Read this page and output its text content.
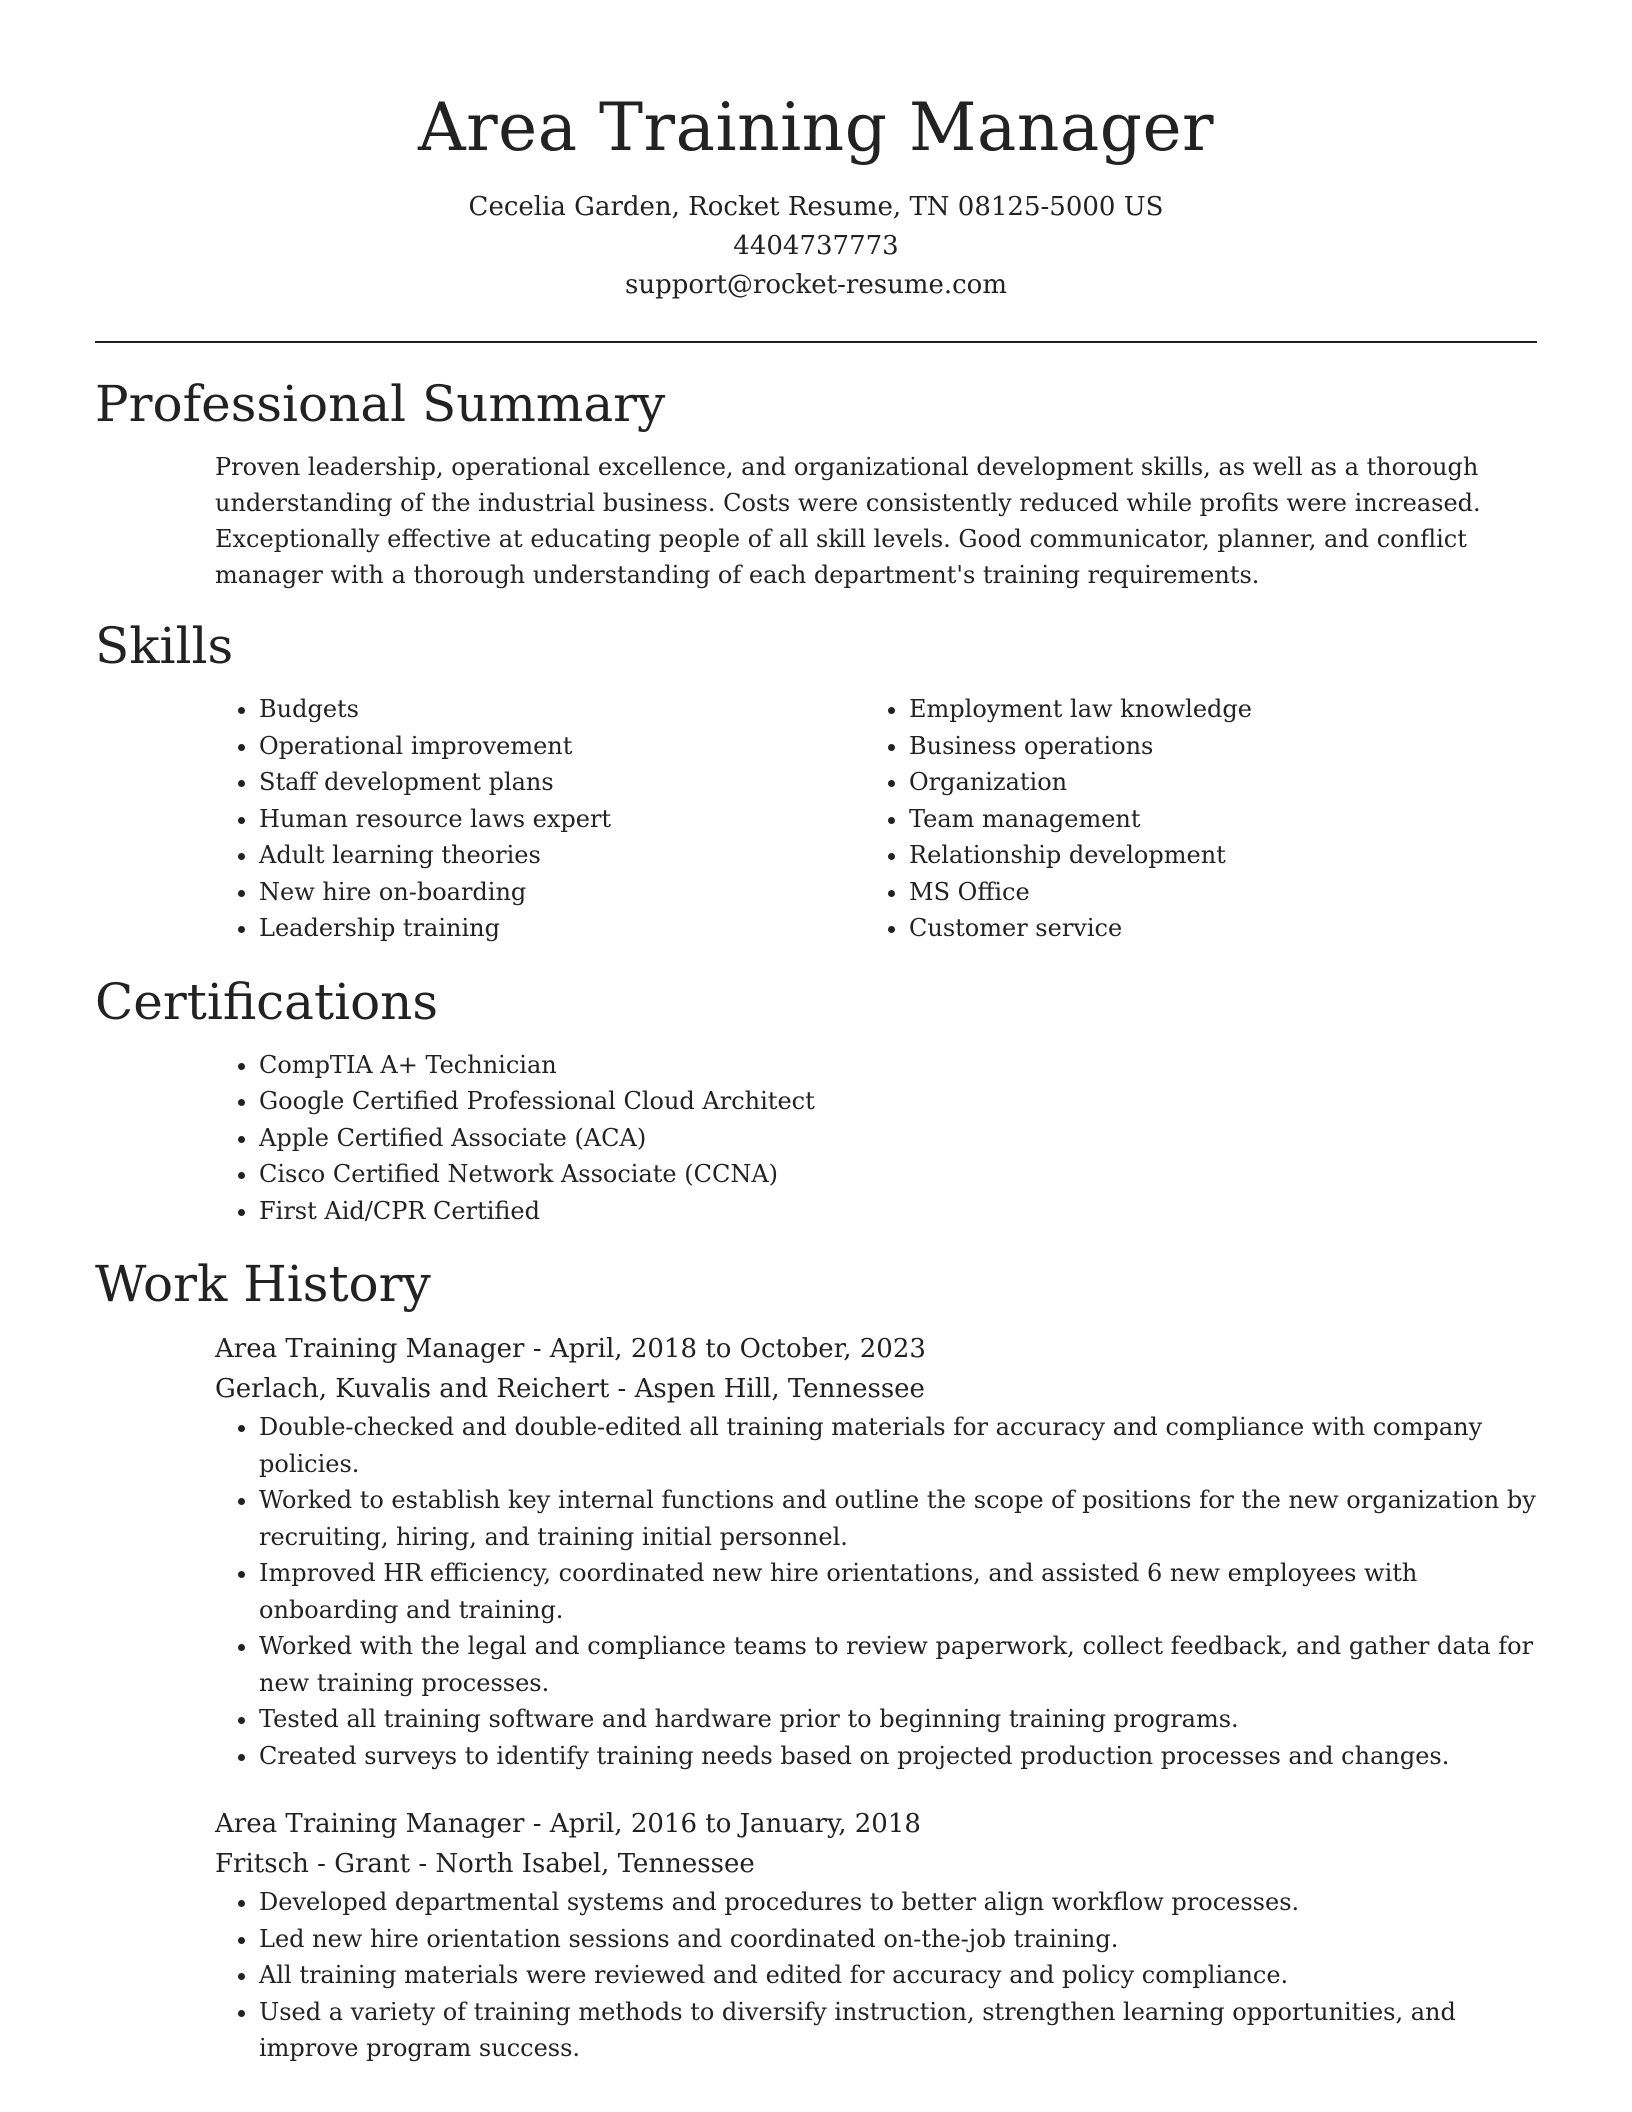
Area Training Manager
Cecelia Garden, Rocket Resume, TN 08125-5000 US
4404737773
support@rocket-resume.com
Professional Summary

Proven leadership, operational excellence, and organizational development skills, as well as a thorough understanding of the industrial business. Costs were consistently reduced while profits were increased. Exceptionally effective at educating people of all skill levels. Good communicator, planner, and conflict manager with a thorough understanding of each department's training requirements.

Skills
• Budgets
• Operational improvement
• Staff development plans
• Human resource laws expert
• Adult learning theories
• New hire on-boarding
• Leadership training
• Employment law knowledge
• Business operations
• Organization
• Team management
• Relationship development
• MS Office
• Customer service
Certifications
• CompTIA A+ Technician
• Google Certified Professional Cloud Architect
• Apple Certified Associate (ACA)
• Cisco Certified Network Associate (CCNA)
• First Aid/CPR Certified
Work History
Area Training Manager - April, 2018 to October, 2023
Gerlach, Kuvalis and Reichert - Aspen Hill, Tennessee
• Double-checked and double-edited all training materials for accuracy and compliance with company policies.
• Worked to establish key internal functions and outline the scope of positions for the new organization by recruiting, hiring, and training initial personnel.
• Improved HR efficiency, coordinated new hire orientations, and assisted 6 new employees with onboarding and training.
• Worked with the legal and compliance teams to review paperwork, collect feedback, and gather data for new training processes.
• Tested all training software and hardware prior to beginning training programs.
• Created surveys to identify training needs based on projected production processes and changes.
Area Training Manager - April, 2016 to January, 2018
Fritsch - Grant - North Isabel, Tennessee
• Developed departmental systems and procedures to better align workflow processes.
• Led new hire orientation sessions and coordinated on-the-job training.
• All training materials were reviewed and edited for accuracy and policy compliance.
• Used a variety of training methods to diversify instruction, strengthen learning opportunities, and improve program success.
